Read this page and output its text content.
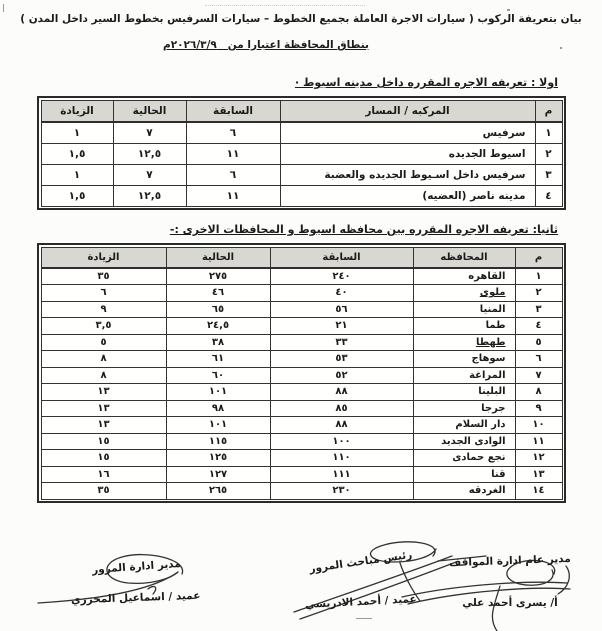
بيان بتعريفة الركوب ( سيارات الاجرة العاملة بجميع الخطوط – سيارات السرفيس بخطوط السير داخل المدن )
بنطاق المحافظة اعتبارا من   ٢٠٢٦/٣/٩م
اولا : تعريفه الاجره المقرره داخل مدينه اسيوط ·
م	المركبه / المسار	السابقة	الحالية	الزيادة
١	سرفيس	٦	٧	١
٢	اسيوط الجديده	١١	١٢,٥	١,٥
٣	سرفيس داخل اسـيوط الجديده والعضبة	٦	٧	١
٤	مدينه ناصر (العضيه)	١١	١٢,٥	١,٥
ثانيا: تعريفه الاجره المقرره بين محافظه اسيوط و المحافظات الاخرى :-
م	المحافظه	السابقة	الحالية	الزيادة
١	القاهره	٢٤٠	٢٧٥	٣٥
٢	ملوى	٤٠	٤٦	٦
٣	المنيا	٥٦	٦٥	٩
٤	طما	٢١	٢٤,٥	٣,٥
٥	طهطا	٣٣	٣٨	٥
٦	سوهاج	٥٣	٦١	٨
٧	المراغة	٥٢	٦٠	٨
٨	البلينا	٨٨	١٠١	١٣
٩	جرجا	٨٥	٩٨	١٣
١٠	دار السلام	٨٨	١٠١	١٣
١١	الوادى الجديد	١٠٠	١١٥	١٥
١٢	نجع حمادى	١١٠	١٢٥	١٥
١٣	قنا	١١١	١٢٧	١٦
١٤	الغردقه	٢٣٠	٢٦٥	٣٥
مدير عام ادارة المواقف
أ/ يسرى أحمد علي
رئيس مباحث المرور
عميد / أحمد الادريسي
مدير ادارة المرور
عميد / اسماعيل المحرزي
